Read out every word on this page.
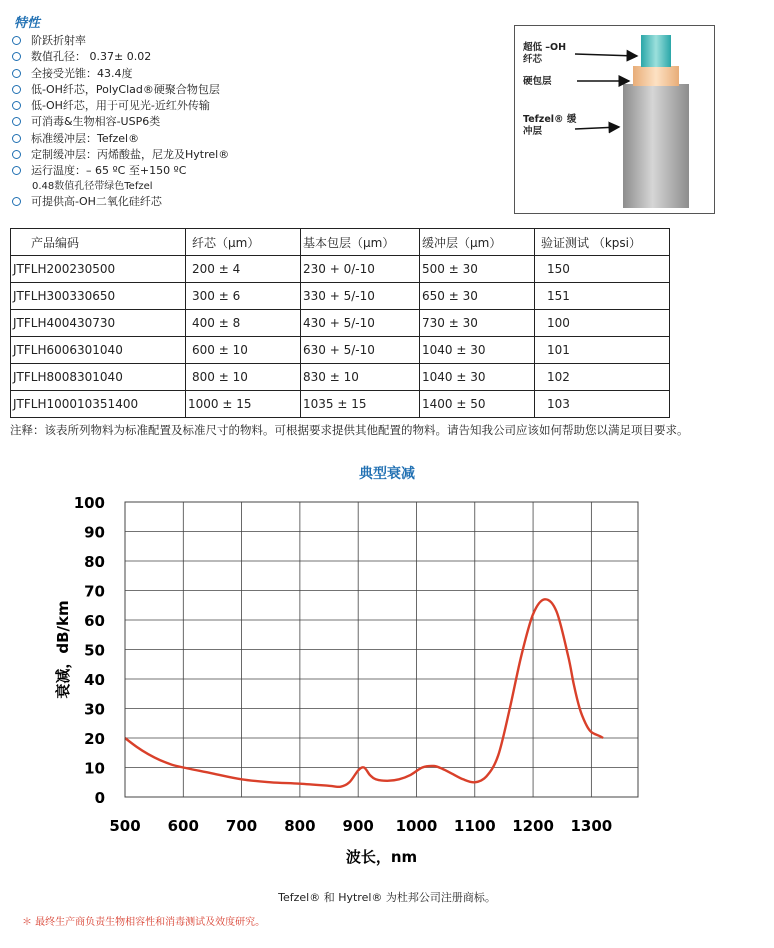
特性
阶跃折射率
数值孔径： 0.37± 0.02
全接受光锥：43.4度
低-OH纤芯，PolyClad®硬聚合物包层
低-OH纤芯，用于可见光-近红外传输
可消毒&生物相容-USP6类
标准缓冲层：Tefzel®
定制缓冲层：丙烯酸盐，尼龙及Hytrel®
运行温度：– 65 ºC 至+150 ºC
0.48数值孔径带绿色Tefzel
可提供高-OH二氧化硅纤芯
超低 –OH
纤芯
硬包层
Tefzel® 缓
冲层
产品编码	纤芯（μm）	基本包层（μm）	缓冲层（μm）	验证测试 （kpsi）
JTFLH200230500	200 ± 4	230 + 0/-10	500 ± 30	150
JTFLH300330650	300 ± 6	330 + 5/-10	650 ± 30	151
JTFLH400430730	400 ± 8	430 + 5/-10	730 ± 30	100
JTFLH6006301040	600 ± 10	630 + 5/-10	1040 ± 30	101
JTFLH8008301040	800 ± 10	830 ± 10	1040 ± 30	102
JTFLH100010351400	1000 ± 15	1035 ± 15	1400 ± 50	103
注释：该表所列物料为标准配置及标准尺寸的物料。可根据要求提供其他配置的物料。请告知我公司应该如何帮助您以满足项目要求。
典型衰减
0
10
20
30
40
50
60
70
80
90
100
500 600 700 800 900 1000 1100 1200 1300
波长，nm
衰减，dB/km
Tefzel® 和 Hytrel® 为杜邦公司注册商标。
＊ 最终生产商负责生物相容性和消毒测试及效度研究。
